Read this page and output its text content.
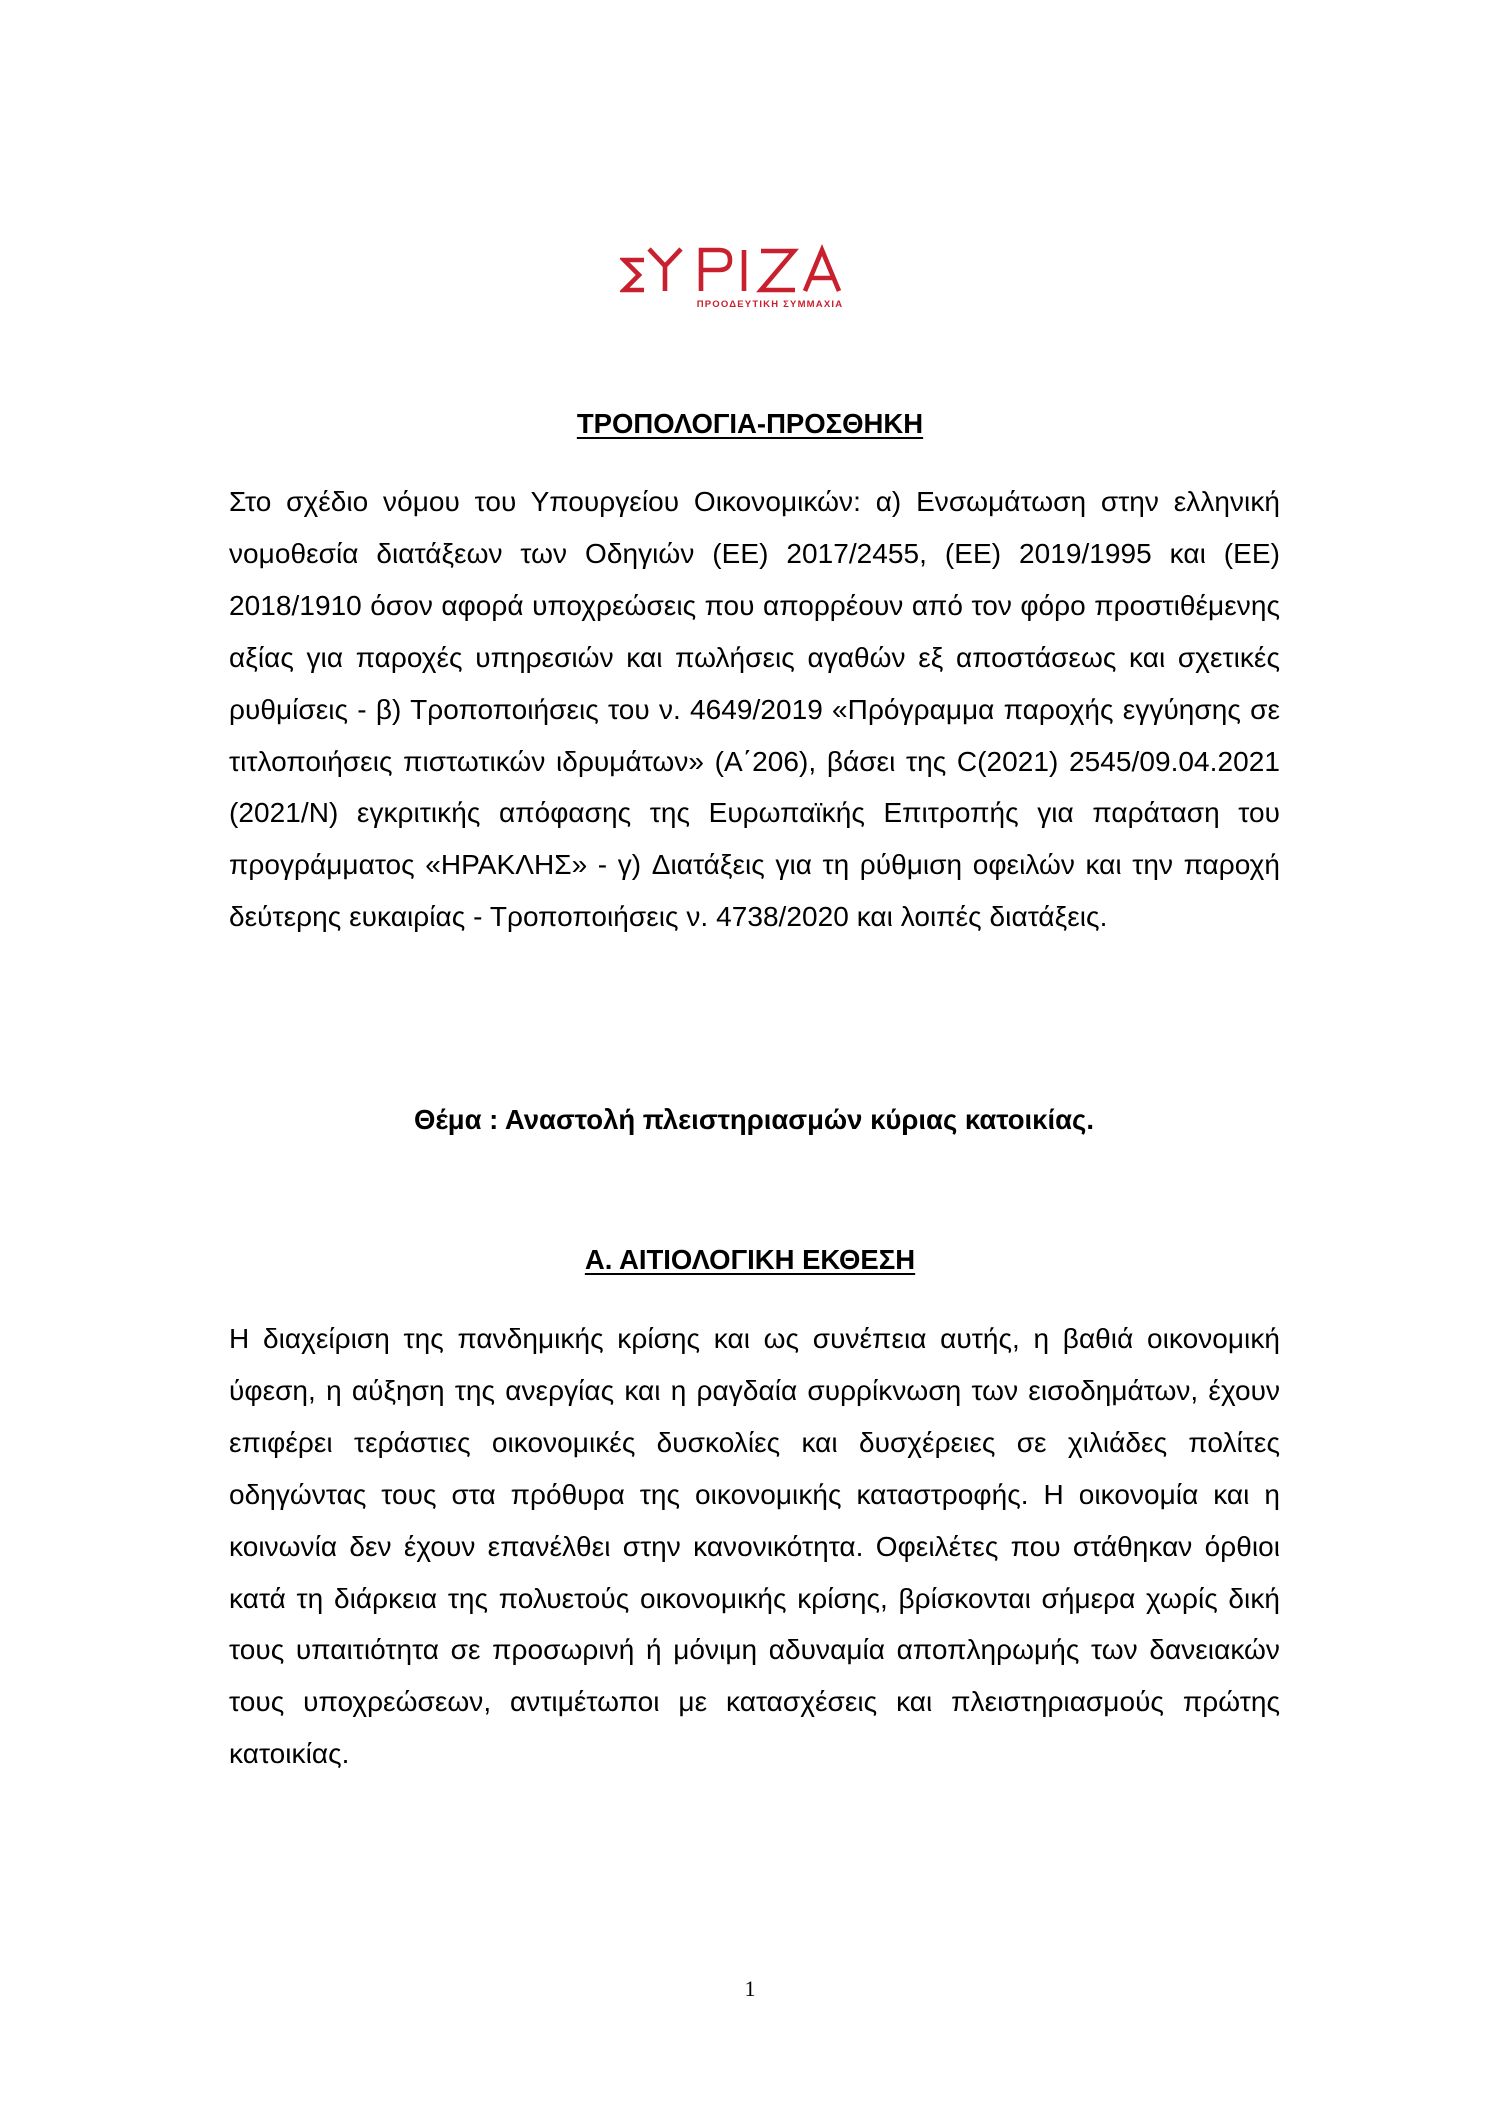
ΠΡΟΟΔΕΥΤΙΚΗ ΣΥΜΜΑΧΙΑ
ΤΡΟΠΟΛΟΓΙΑ-ΠΡΟΣΘΗΚΗ

Στο σχέδιο νόμου του Υπουργείου Οικονομικών: α) Ενσωμάτωση στην ελληνική νομοθεσία διατάξεων των Οδηγιών (ΕΕ) 2017/2455, (ΕΕ) 2019/1995 και (ΕΕ) 2018/1910 όσον αφορά υποχρεώσεις που απορρέουν από τον φόρο προστιθέμενης αξίας για παροχές υπηρεσιών και πωλήσεις αγαθών εξ αποστάσεως και σχετικές ρυθμίσεις - β) Τροποποιήσεις του ν. 4649/2019 «Πρόγραμμα παροχής εγγύησης σε τιτλοποιήσεις πιστωτικών ιδρυμάτων» (Α΄206), βάσει της C(2021) 2545/09.04.2021 (2021/N) εγκριτικής απόφασης της Ευρωπαϊκής Επιτροπής για παράταση του προγράμματος «ΗΡΑΚΛΗΣ» - γ) Διατάξεις για τη ρύθμιση οφειλών και την παροχή δεύτερης ευκαιρίας - Τροποποιήσεις ν. 4738/2020 και λοιπές διατάξεις.

Θέμα : Αναστολή πλειστηριασμών κύριας κατοικίας.
Α. ΑΙΤΙΟΛΟΓΙΚΗ ΕΚΘΕΣΗ

Η διαχείριση της πανδημικής κρίσης και ως συνέπεια αυτής, η βαθιά οικονομική ύφεση, η αύξηση της ανεργίας και η ραγδαία συρρίκνωση των εισοδημάτων, έχουν επιφέρει τεράστιες οικονομικές δυσκολίες και δυσχέρειες σε χιλιάδες πολίτες οδηγώντας τους στα πρόθυρα της οικονομικής καταστροφής. Η οικονομία και η κοινωνία δεν έχουν επανέλθει στην κανονικότητα. Οφειλέτες που στάθηκαν όρθιοι κατά τη διάρκεια της πολυετούς οικονομικής κρίσης, βρίσκονται σήμερα χωρίς δική τους υπαιτιότητα σε προσωρινή ή μόνιμη αδυναμία αποπληρωμής των δανειακών τους υποχρεώσεων, αντιμέτωποι με κατασχέσεις και πλειστηριασμούς πρώτης κατοικίας.

1
